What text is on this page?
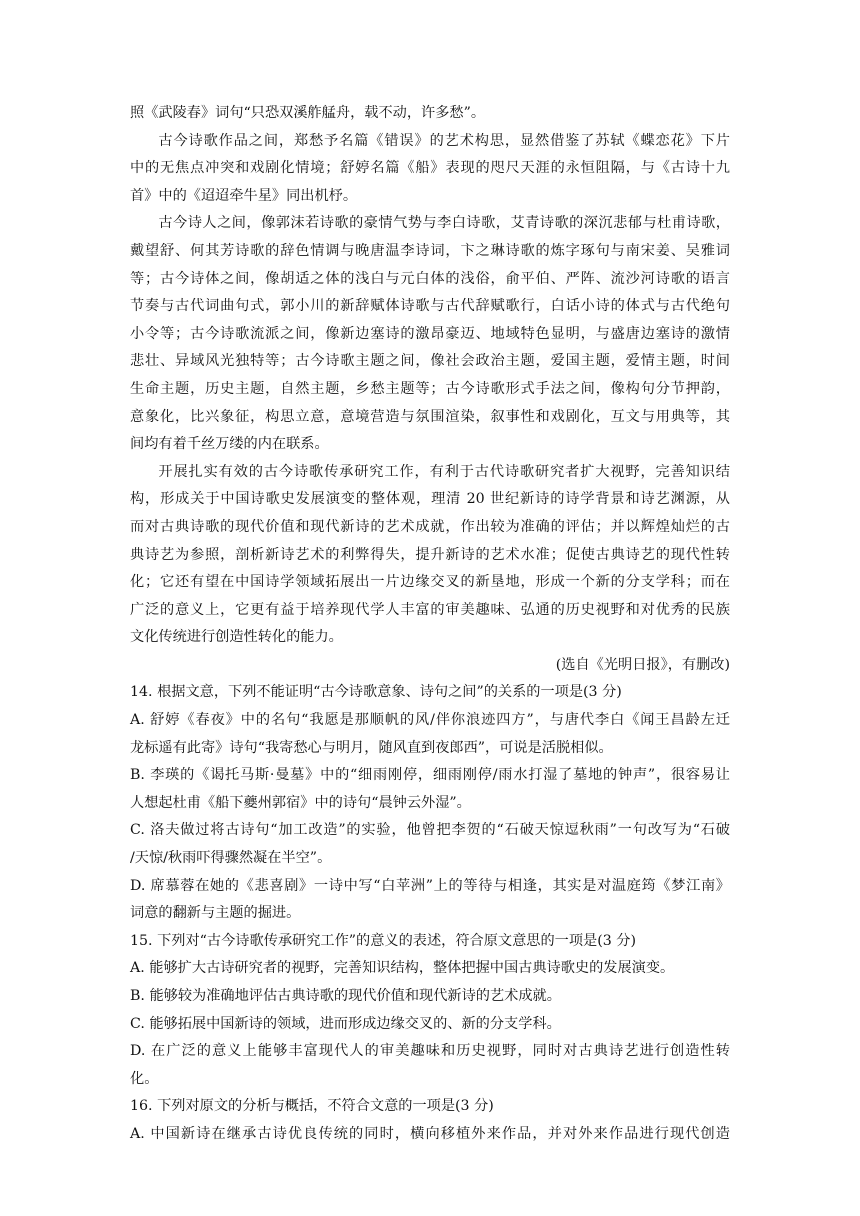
照《武陵春》词句“只恐双溪舴艋舟，载不动，许多愁”。
古今诗歌作品之间，郑愁予名篇《错误》的艺术构思，显然借鉴了苏轼《蝶恋花》下片
中的无焦点冲突和戏剧化情境；舒婷名篇《船》表现的咫尺天涯的永恒阻隔，与《古诗十九
首》中的《迢迢牵牛星》同出机杼。
古今诗人之间，像郭沫若诗歌的豪情气势与李白诗歌，艾青诗歌的深沉悲郁与杜甫诗歌，
戴望舒、何其芳诗歌的辞色情调与晚唐温李诗词，卞之琳诗歌的炼字琢句与南宋姜、吴雅词
等；古今诗体之间，像胡适之体的浅白与元白体的浅俗，俞平伯、严阵、流沙河诗歌的语言
节奏与古代词曲句式，郭小川的新辞赋体诗歌与古代辞赋歌行，白话小诗的体式与古代绝句
小令等；古今诗歌流派之间，像新边塞诗的激昂豪迈、地域特色显明，与盛唐边塞诗的激情
悲壮、异域风光独特等；古今诗歌主题之间，像社会政治主题，爱国主题，爱情主题，时间
生命主题，历史主题，自然主题，乡愁主题等；古今诗歌形式手法之间，像构句分节押韵，
意象化，比兴象征，构思立意，意境营造与氛围渲染，叙事性和戏剧化，互文与用典等，其
间均有着千丝万缕的内在联系。
开展扎实有效的古今诗歌传承研究工作，有利于古代诗歌研究者扩大视野，完善知识结
构，形成关于中国诗歌史发展演变的整体观，理清 20 世纪新诗的诗学背景和诗艺渊源，从
而对古典诗歌的现代价值和现代新诗的艺术成就，作出较为准确的评估；并以辉煌灿烂的古
典诗艺为参照，剖析新诗艺术的利弊得失，提升新诗的艺术水准；促使古典诗艺的现代性转
化；它还有望在中国诗学领域拓展出一片边缘交叉的新垦地，形成一个新的分支学科；而在
广泛的意义上，它更有益于培养现代学人丰富的审美趣味、弘通的历史视野和对优秀的民族
文化传统进行创造性转化的能力。
(选自《光明日报》，有删改)
14. 根据文意，下列不能证明“古今诗歌意象、诗句之间”的关系的一项是(3 分)
A. 舒婷《春夜》中的名句“我愿是那顺帆的风/伴你浪迹四方”，与唐代李白《闻王昌龄左迁
龙标遥有此寄》诗句“我寄愁心与明月，随风直到夜郎西”，可说是活脱相似。
B. 李瑛的《谒托马斯·曼墓》中的“细雨刚停，细雨刚停/雨水打湿了墓地的钟声”，很容易让
人想起杜甫《船下夔州郭宿》中的诗句“晨钟云外湿”。
C. 洛夫做过将古诗句“加工改造”的实验，他曾把李贺的“石破天惊逗秋雨”一句改写为“石破
/天惊/秋雨吓得骤然凝在半空”。
D. 席慕蓉在她的《悲喜剧》一诗中写“白苹洲”上的等待与相逢，其实是对温庭筠《梦江南》
词意的翻新与主题的掘进。
15. 下列对“古今诗歌传承研究工作”的意义的表述，符合原文意思的一项是(3 分)
A. 能够扩大古诗研究者的视野，完善知识结构，整体把握中国古典诗歌史的发展演变。
B. 能够较为准确地评估古典诗歌的现代价值和现代新诗的艺术成就。
C. 能够拓展中国新诗的领域，进而形成边缘交叉的、新的分支学科。
D. 在广泛的意义上能够丰富现代人的审美趣味和历史视野，同时对古典诗艺进行创造性转
化。
16. 下列对原文的分析与概括，不符合文意的一项是(3 分)
A. 中国新诗在继承古诗优良传统的同时，横向移植外来作品，并对外来作品进行现代创造
